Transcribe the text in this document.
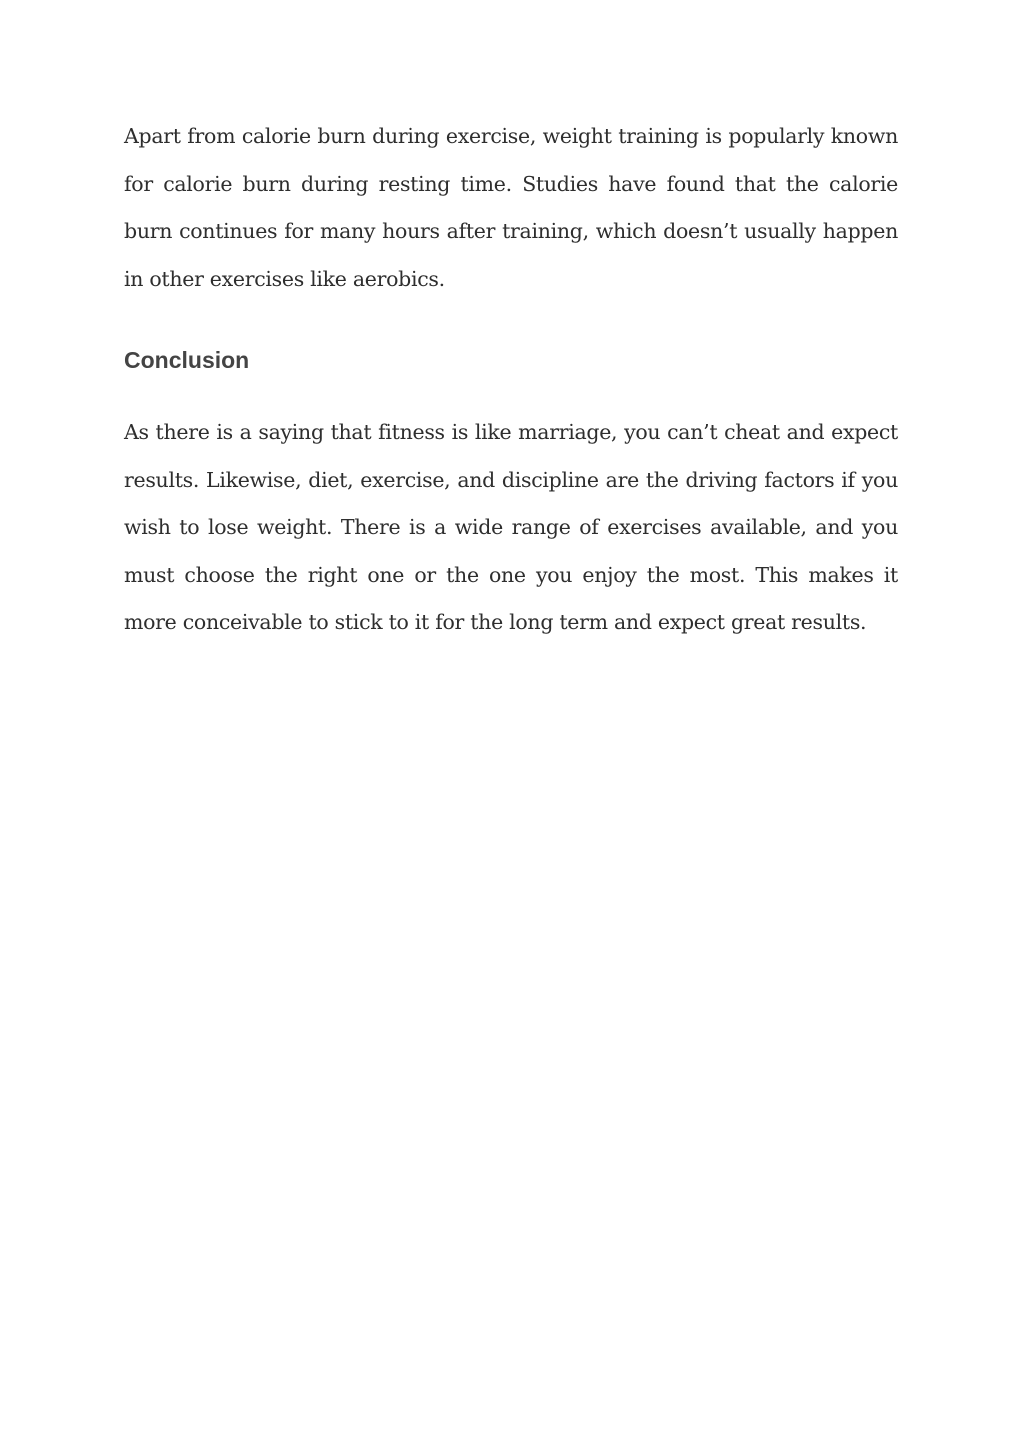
Apart from calorie burn during exercise, weight training is popularly known for calorie burn during resting time. Studies have found that the calorie burn continues for many hours after training, which doesn’t usually happen in other exercises like aerobics.

Conclusion

As there is a saying that fitness is like marriage, you can’t cheat and expect results. Likewise, diet, exercise, and discipline are the driving factors if you wish to lose weight. There is a wide range of exercises available, and you must choose the right one or the one you enjoy the most. This makes it more conceivable to stick to it for the long term and expect great results.
